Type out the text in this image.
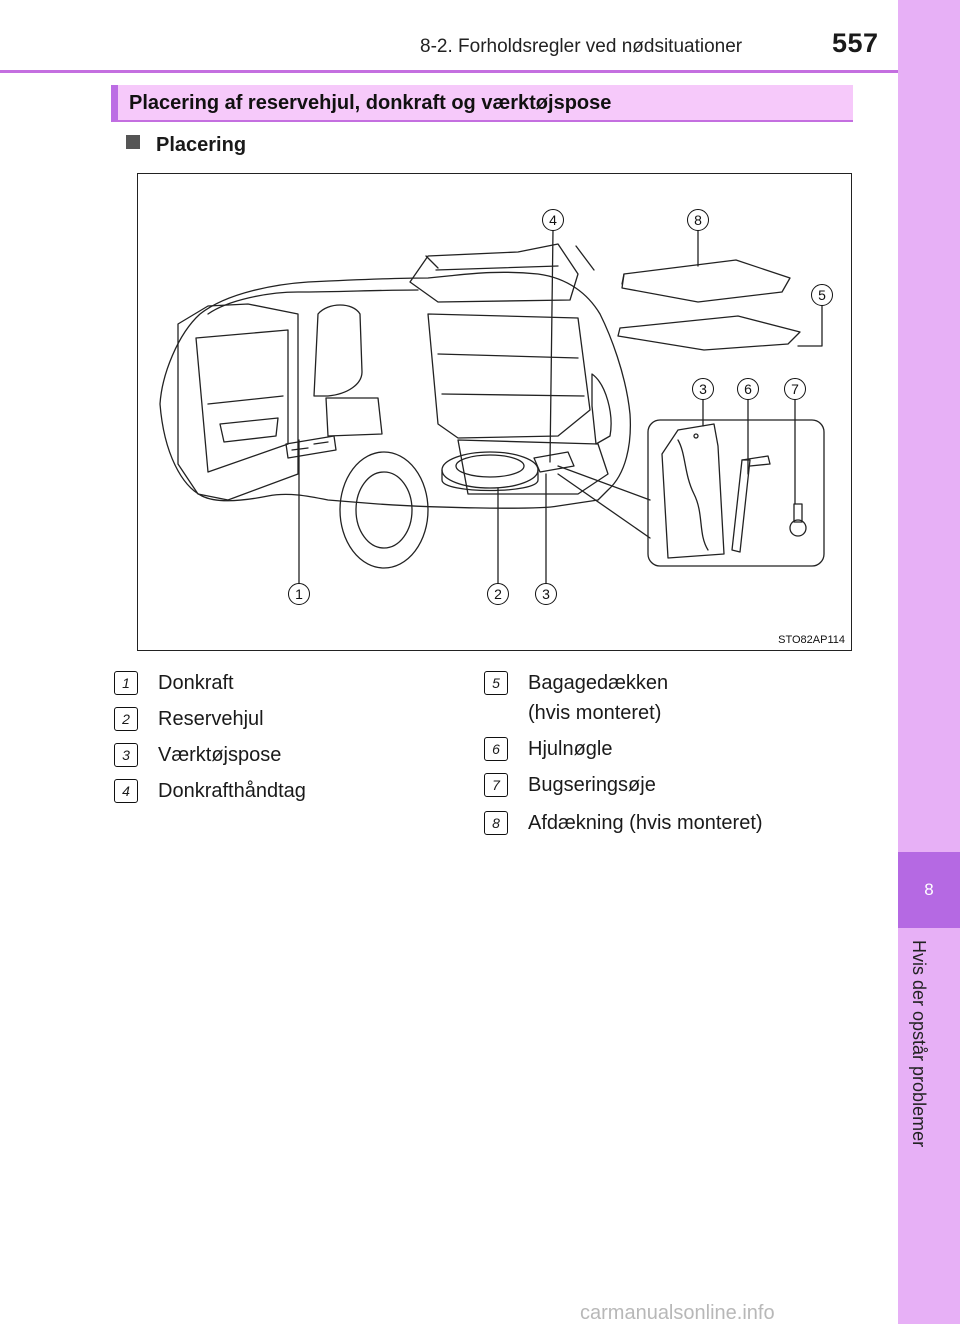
8-2. Forholdsregler ved nødsituationer	557
8
Hvis der opstår problemer
Placering af reservehjul, donkraft og værktøjspose
Placering
1	2	3
4
5
3	6	7
8
STO82AP114
1	Donkraft
2	Reservehjul
3	Værktøjspose
4	Donkrafthåndtag
5	Bagagedækken
(hvis monteret)
6	Hjulnøgle
7	Bugseringsøje
8	Afdækning (hvis monteret)
carmanualsonline.info
